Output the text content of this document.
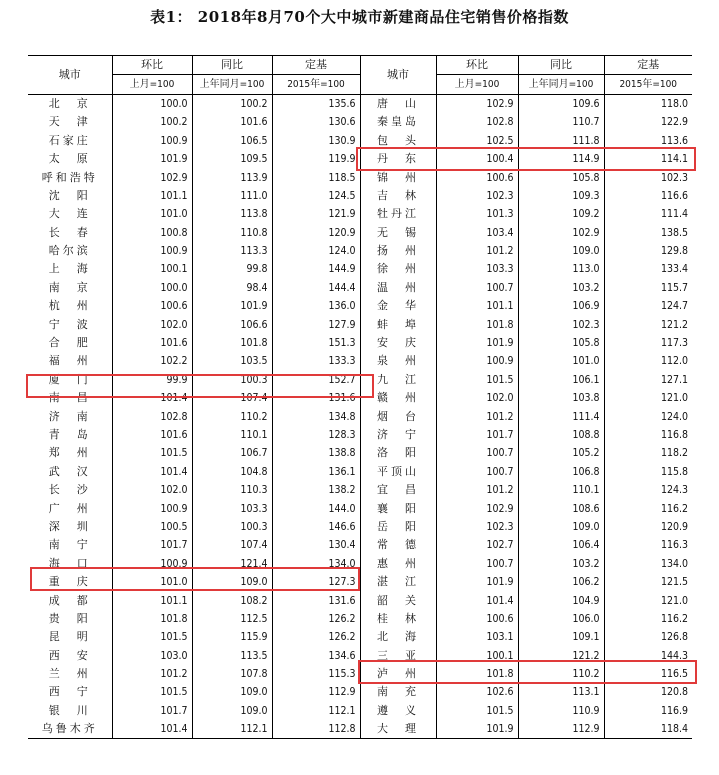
表1： 2018年8月70个大中城市新建商品住宅销售价格指数
城市	环比	同比	定基	城市	环比	同比	定基
	上月=100	上年同月=100	2015年=100		上月=100	上年同月=100	2015年=100
北　京	100.0	100.2	135.6	唐　山	102.9	109.6	118.0
天　津	100.2	101.6	130.6	秦皇岛	102.8	110.7	122.9
石家庄	100.9	106.5	130.9	包　头	102.5	111.8	113.6
太　原	101.9	109.5	119.9	丹　东	100.4	114.9	114.1
呼和浩特	102.9	113.9	118.5	锦　州	100.6	105.8	102.3
沈　阳	101.1	111.0	124.5	吉　林	102.3	109.3	116.6
大　连	101.0	113.8	121.9	牡丹江	101.3	109.2	111.4
长　春	100.8	110.8	120.9	无　锡	103.4	102.9	138.5
哈尔滨	100.9	113.3	124.0	扬　州	101.2	109.0	129.8
上　海	100.1	99.8	144.9	徐　州	103.3	113.0	133.4
南　京	100.0	98.4	144.4	温　州	100.7	103.2	115.7
杭　州	100.6	101.9	136.0	金　华	101.1	106.9	124.7
宁　波	102.0	106.6	127.9	蚌　埠	101.8	102.3	121.2
合　肥	101.6	101.8	151.3	安　庆	101.9	105.8	117.3
福　州	102.2	103.5	133.3	泉　州	100.9	101.0	112.0
厦　门	99.9	100.3	152.7	九　江	101.5	106.1	127.1
南　昌	101.4	107.4	131.6	赣　州	102.0	103.8	121.0
济　南	102.8	110.2	134.8	烟　台	101.2	111.4	124.0
青　岛	101.6	110.1	128.3	济　宁	101.7	108.8	116.8
郑　州	101.5	106.7	138.8	洛　阳	100.7	105.2	118.2
武　汉	101.4	104.8	136.1	平顶山	100.7	106.8	115.8
长　沙	102.0	110.3	138.2	宜　昌	101.2	110.1	124.3
广　州	100.9	103.3	144.0	襄　阳	102.9	108.6	116.2
深　圳	100.5	100.3	146.6	岳　阳	102.3	109.0	120.9
南　宁	101.7	107.4	130.4	常　德	102.7	106.4	116.3
海　口	100.9	121.4	134.0	惠　州	100.7	103.2	134.0
重　庆	101.0	109.0	127.3	湛　江	101.9	106.2	121.5
成　都	101.1	108.2	131.6	韶　关	101.4	104.9	121.0
贵　阳	101.8	112.5	126.2	桂　林	100.6	106.0	116.2
昆　明	101.5	115.9	126.2	北　海	103.1	109.1	126.8
西　安	103.0	113.5	134.6	三　亚	100.1	121.2	144.3
兰　州	101.2	107.8	115.3	泸　州	101.8	110.2	116.5
西　宁	101.5	109.0	112.9	南　充	102.6	113.1	120.8
银　川	101.7	109.0	112.1	遵　义	101.5	110.9	116.9
乌鲁木齐	101.4	112.1	112.8	大　理	101.9	112.9	118.4
